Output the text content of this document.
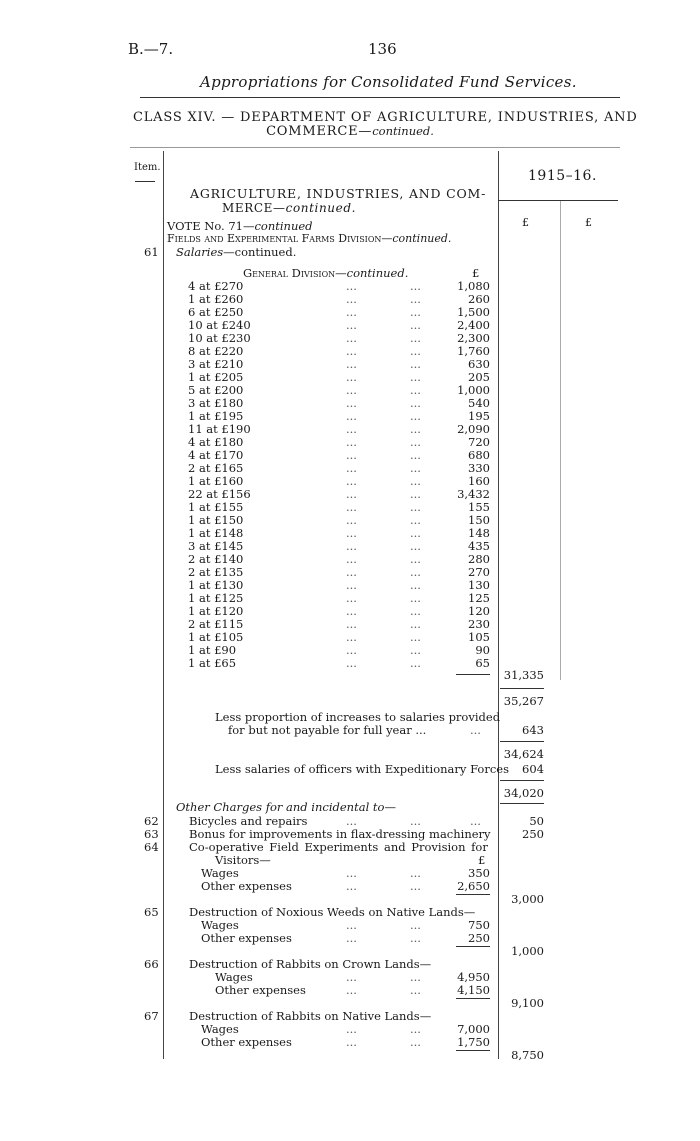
B.—7.	136
Appropriations for Consolidated Fund Services.
CLASS XIV. — DEPARTMENT OF AGRICULTURE, INDUSTRIES, AND
COMMERCE—continued.
Item.
1915–16.
£	£
AGRICULTURE, INDUSTRIES, AND COM-
MERCE—continued.
VOTE No. 71—continued
Fields and Experimental Farms Division—continued.
61 Salaries—continued.
General Division—continued.	£
4 at £270	...	...	1,080
1 at £260	...	...	260
6 at £250	...	...	1,500
10 at £240	...	...	2,400
10 at £230	...	...	2,300
8 at £220	...	...	1,760
3 at £210	...	...	630
1 at £205	...	...	205
5 at £200	...	...	1,000
3 at £180	...	...	540
1 at £195	...	...	195
11 at £190	...	...	2,090
4 at £180	...	...	720
4 at £170	...	...	680
2 at £165	...	...	330
1 at £160	...	...	160
22 at £156	...	...	3,432
1 at £155	...	...	155
1 at £150	...	...	150
1 at £148	...	...	148
3 at £145	...	...	435
2 at £140	...	...	280
2 at £135	...	...	270
1 at £130	...	...	130
1 at £125	...	...	125
1 at £120	...	...	120
2 at £115	...	...	230
1 at £105	...	...	105
1 at £90	...	...	90
1 at £65	...	...	65
31,335
35,267
Less proportion of increases to salaries provided
for but not payable for full year ...	...	643
34,624
Less salaries of officers with Expeditionary Forces	604
34,020
Other Charges for and incidental to—
62	Bicycles and repairs	...	...	...	50
63	Bonus for improvements in flax-dressing machinery	250
64	Co-operative Field Experiments and Provision for
Visitors—	£
Wages	...	...	350
Other expenses	...	...	2,650
3,000
65	Destruction of Noxious Weeds on Native Lands—
Wages	...	...	750
Other expenses	...	...	250
1,000
66	Destruction of Rabbits on Crown Lands—
Wages	...	...	4,950
Other expenses	...	...	4,150
9,100
67	Destruction of Rabbits on Native Lands—
Wages	...	...	7,000
Other expenses	...	...	1,750
8,750
